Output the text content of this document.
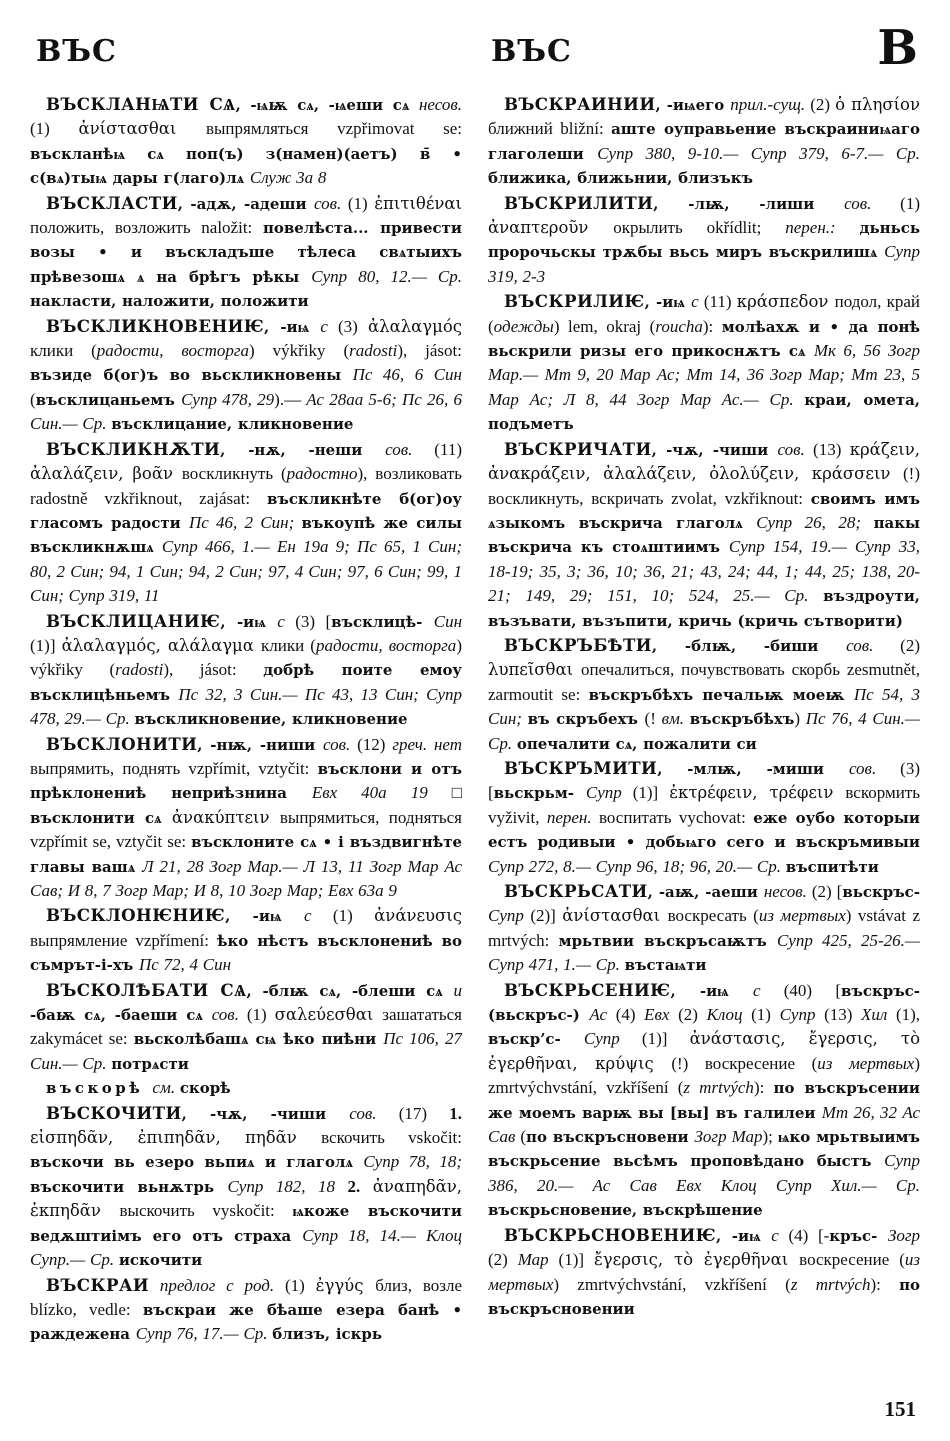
ВЪС	ВЪС	В

ВЪСКЛАНѨТИ СѦ, -ѩѭ сѧ, -ѩеши сѧ несов. (1) ἀνίστασθαι выпрямляться vzpřimovat se: въскланѣѩ сѧ поп(ъ) з(намен)(аетъ) в̄ • с(вѧ)тыѩ дары г(лаго)лѧ Служ 3а 8

ВЪСКЛАСТИ, -адѫ, -адеши сов. (1) ἐπιτιθέναι положить, возложить naložit: повелѣста... привести возы • и въскладъше тѣлеса свѧтыихъ прѣвезошѧ ѧ на брѣгъ рѣкы Супр 80, 12.— Ср. накласти, наложити, положити

ВЪСКЛИКНОВЕНИѤ, -иѩ с (3) ἀλαλαγμός клики (радости, восторга) výkřiky (radosti), jásot: възиде б(ог)ъ во вьскликновены Пс 46, 6 Син (въсклицаньемъ Супр 478, 29).— Ас 28аа 5-6; Пс 26, 6 Син.— Ср. въсклицание, кликновение

ВЪСКЛИКНѪТИ, -нѫ, -неши сов. (11) ἀλαλάζειν, βοᾶν воскликнуть (радостно), возликовать radostně vzkřiknout, zajásat: въскликнѣте б(ог)оу гласомъ радости Пс 46, 2 Син; въкоупѣ же силы въскликнѫшѧ Супр 466, 1.— Ен 19а 9; Пс 65, 1 Син; 80, 2 Син; 94, 1 Син; 94, 2 Син; 97, 4 Син; 97, 6 Син; 99, 1 Син; Супр 319, 11

ВЪСКЛИЦАНИѤ, -иѩ с (3) [въсклицѣ- Син (1)] ἀλαλαγμός, αλάλαγμα клики (радости, восторга) výkřiky (radosti), jásot: добрѣ поите емоу въсклицѣньемъ Пс 32, 3 Син.— Пс 43, 13 Син; Супр 478, 29.— Ср. въскликновение, кликновение

ВЪСКЛОНИТИ, -нѭ, -ниши сов. (12) греч. нет выпрямить, поднять vzpřímit, vztyčit: въсклони и отъ прѣклонениѣ неприѣзнина Евх 40а 19 □ въсклонити сѧ ἀνακύπτειν выпрямиться, подняться vzpřímit se, vztyčit se: въсклоните сѧ • і въздвигнѣте главы вашѧ Л 21, 28 Зогр Мар.— Л 13, 11 Зогр Мар Ас Сав; И 8, 7 Зогр Мар; И 8, 10 Зогр Мар; Евх 63а 9

ВЪСКЛОНѤНИѤ, -иѩ с (1) ἀνάνευσις выпрямление vzpřímení: ѣко нѣстъ въсклонениѣ во съмрът-і-хъ Пс 72, 4 Син

ВЪСКОЛѢБАТИ СѦ, -блѭ сѧ, -блеши сѧ и -баѭ сѧ, -баеши сѧ сов. (1) σαλεύεσθαι зашататься zakymácet se: вьсколѣбашѧ сѩ ѣко пиѣни Пс 106, 27 Син.— Ср. потрѧсти

въскорѣ см. скорѣ

ВЪСКОЧИТИ, -чѫ, -чиши сов. (17) 1. εἰσπηδᾶν, ἐπιπηδᾶν, πηδᾶν вскочить vskočit: въскочи вь езеро вьпиѧ и глаголѧ Супр 78, 18; въскочити вьнѫтрь Супр 182, 18 2. ἀναπηδᾶν, ἐκπηδᾶν выскочить vyskočit: ѩкоже въскочити ведѫштиімъ его отъ страха Супр 18, 14.— Клоц Супр.— Ср. искочити

ВЪСКРАИ предлог с род. (1) ἐγγύς близ, возле blízko, vedle: въскраи же бѣаше езера банѣ • раждежена Супр 76, 17.— Ср. близъ, іскрь

ВЪСКРАИНИИ, -иѩего прил.-сущ. (2) ὁ πλησίον ближний bližní: аште оуправьение въскраиниѩаго глаголеши Супр 380, 9-10.— Супр 379, 6-7.— Ср. ближика, ближьнии, близъкъ

ВЪСКРИЛИТИ, -лѭ, -лиши сов. (1) ἀναπτεροῦν окрылить okřídlit; перен.: дьньсь пророчьскы трѫбы вьсь миръ въскрилишѧ Супр 319, 2-3

ВЪСКРИЛИѤ, -иѩ с (11) κράσπεδον подол, край (одежды) lem, okraj (roucha): молѣахѫ и • да понѣ вьскрили ризы его прикоснѫтъ сѧ Мк 6, 56 Зогр Мар.— Мт 9, 20 Мар Ас; Мт 14, 36 Зогр Мар; Мт 23, 5 Мар Ас; Л 8, 44 Зогр Мар Ас.— Ср. краи, омета, подъметъ

ВЪСКРИЧАТИ, -чѫ, -чиши сов. (13) κράζειν, ἀνακράζειν, ἀλαλάζειν, ὀλολύζειν, κράσσειν (!) воскликнуть, вскричать zvolat, vzkřiknout: своимъ имъ ѧзыкомъ въскрича глаголѧ Супр 26, 28; пакы въскрича къ стоѧштиимъ Супр 154, 19.— Супр 33, 18-19; 35, 3; 36, 10; 36, 21; 43, 24; 44, 1; 44, 25; 138, 20-21; 149, 29; 151, 10; 524, 25.— Ср. въздроути, възъвати, възъпити, кричь (кричь сътворити)

ВЪСКРЪБѢТИ, -блѭ, -биши сов. (2) λυπεῖσθαι опечалиться, почувствовать скорбь zesmutnět, zarmoutit se: въскръбѣхъ печальѭ моеѭ Пс 54, 3 Син; въ скръбехъ (! вм. въскръбѣхъ) Пс 76, 4 Син.— Ср. опечалити сѧ, пожалити си

ВЪСКРЪМИТИ, -млѭ, -миши сов. (3) [вьскрьм- Супр (1)] ἐκτρέφειν, τρέφειν вскормить vyživit, перен. воспитать vychovat: еже оубо которыи естъ родивыи • добьѩго сего и въскръмивыи Супр 272, 8.— Супр 96, 18; 96, 20.— Ср. въспитѣти

ВЪСКРЬСАТИ, -аѭ, -аеши несов. (2) [вьскръс- Супр (2)] ἀνίστασθαι воскресать (из мертвых) vstávat z mrtvých: мрьтвии въскръсаѭтъ Супр 425, 25-26.— Супр 471, 1.— Ср. въстаѩти

ВЪСКРЬСЕНИѤ, -иѩ с (40) [въскръс- (вьскръс-) Ас (4) Евх (2) Клоц (1) Супр (13) Хил (1), въскр’с- Супр (1)] ἀνάστασις, ἔγερσις, τὸ ἐγερθῆναι, κρύψις (!) воскресение (из мертвых) zmrtvýchvstání, vzkříšení (z mrtvých): по въскръсении же моемъ варѭ вы [вы] въ галилеи Мт 26, 32 Ас Сав (по въскръсновени Зогр Мар); ѩко мрьтвыимъ въскрьсение вьсѣмъ проповѣдано быстъ Супр 386, 20.— Ас Сав Евх Клоц Супр Хил.— Ср. въскрьсновение, въскрѣшение

ВЪСКРЬСНОВЕНИѤ, -иѩ с (4) [-кръс- Зогр (2) Мар (1)] ἔγερσις, τὸ ἐγερθῆναι воскресение (из мертвых) zmrtvýchvstání, vzkříšení (z mrtvých): по въскръсновении

151
